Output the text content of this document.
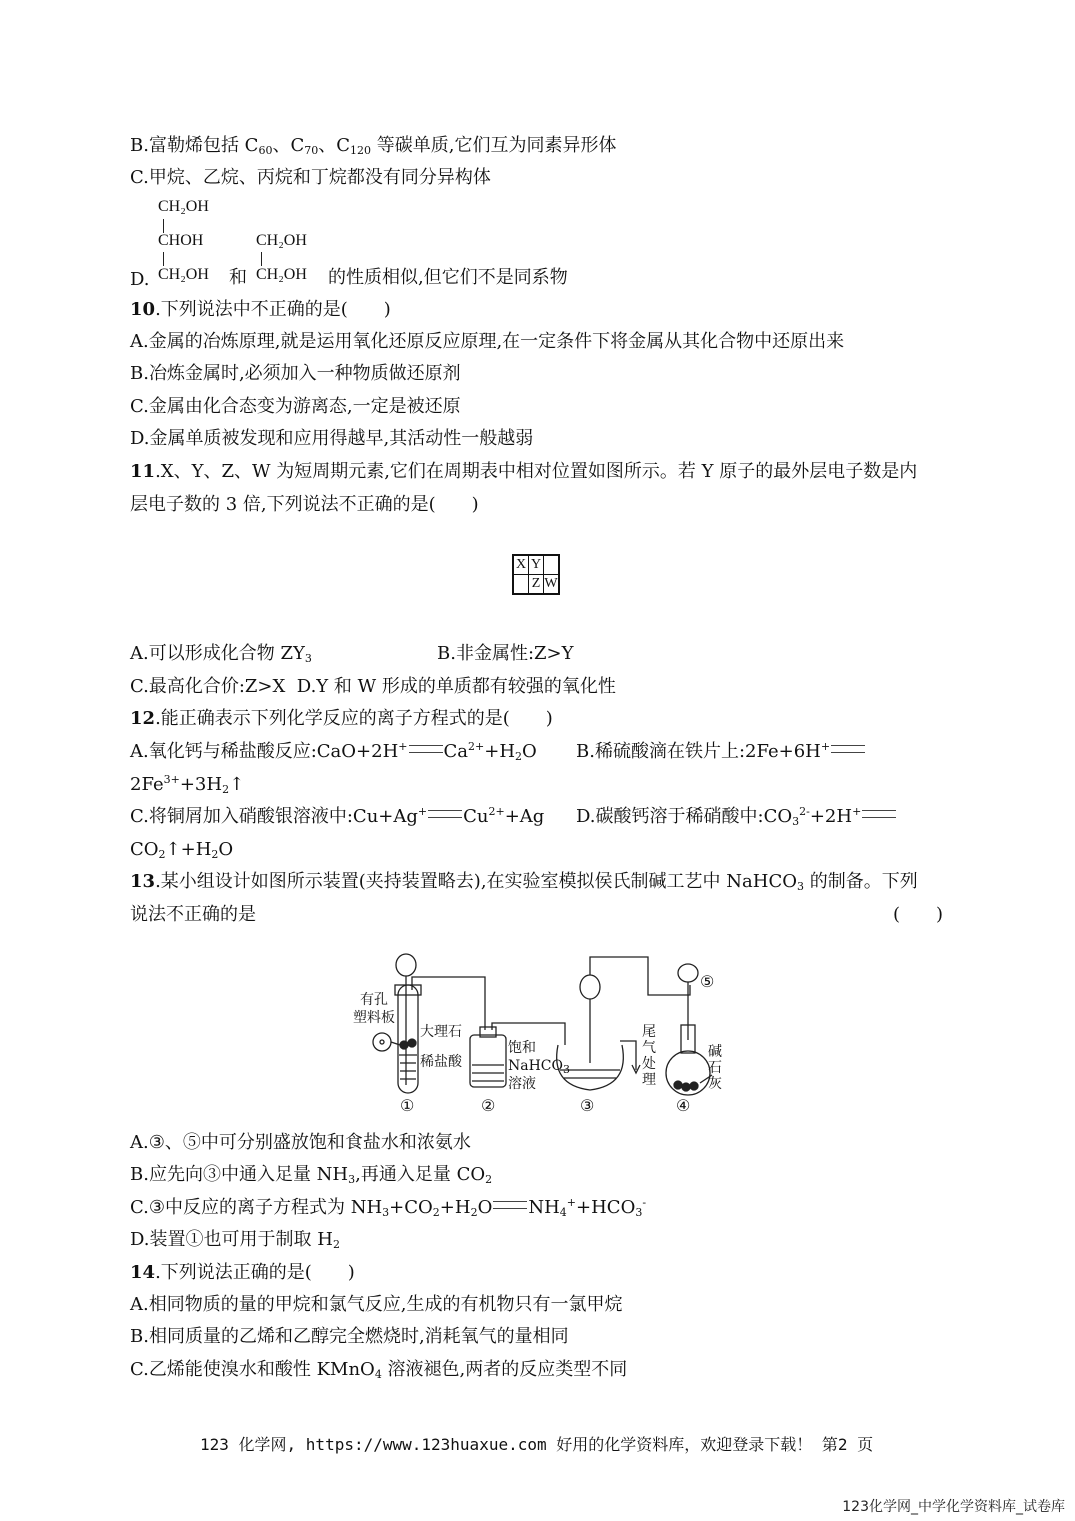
B.富勒烯包括 $C_{60}$、$C_{70}$、$C_{120}$ 等碳单质,它们互为同素异形体
C.甲烷、乙烷、丙烷和丁烷都没有同分异构体
CH₂OH
CHOH
D. CH₂OH 和
CH₂OH
CH₂OH 的性质相似,但它们不是同系物
10.下列说法中不正确的是(　　)
A.金属的冶炼原理,就是运用氧化还原反应原理,在一定条件下将金属从其化合物中还原出来
B.冶炼金属时,必须加入一种物质做还原剂
C.金属由化合态变为游离态,一定是被还原
D.金属单质被发现和应用得越早,其活动性一般越弱
11.X、Y、Z、W 为短周期元素,它们在周期表中相对位置如图所示。若 Y 原子的最外层电子数是内
层电子数的 3 倍,下列说法不正确的是(　　)
X	Y	
	Z	W
A.可以形成化合物 $ZY_3$	B.非金属性:Z>Y
C.最高化合价:Z>X D.Y 和 W 形成的单质都有较强的氧化性
12.能正确表示下列化学反应的离子方程式的是(　　)
A.氧化钙与稀盐酸反应:CaO+2H+ $Ca^{2+}+H_2O$ B.稀硫酸滴在铁片上:2Fe+6H+
$2Fe^{3+}+3H_2↑$
C.将铜屑加入硝酸银溶液中:Cu+Ag+ $Cu^{2+}+Ag$ D.碳酸钙溶于稀硝酸中$:CO_3^{2-}+2H^+$
$CO_2↑+H_2O$
13.某小组设计如图所示装置(夹持装置略去),在实验室模拟侯氏制碱工艺中 NaHCO$_3$ 的制备。下列
说法不正确的是	(　　)
有孔
塑料板
大理石
稀盐酸
饱和
NaHCO$_3$
溶液
尾
气
处
理
碱
石
灰
①	②	③	④
⑤
A.③、⑤中可分别盛放饱和食盐水和浓氨水
B.应先向③中通入足量 $NH_3$,再通入足量 $CO_2$
C.③中反应的离子方程式为 $NH_3+CO_2+H_2O$ $NH_4^++HCO_3^-$
D.装置①也可用于制取 $H_2$
14.下列说法正确的是(　　)
A.相同物质的量的甲烷和氯气反应,生成的有机物只有一氯甲烷
B.相同质量的乙烯和乙醇完全燃烧时,消耗氧气的量相同
C.乙烯能使溴水和酸性 KMnO$_4$ 溶液褪色,两者的反应类型不同
123 化学网, https://www.123huaxue.com 好用的化学资料库，欢迎登录下载！ 第2 页
123化学网_中学化学资料库_试卷库
